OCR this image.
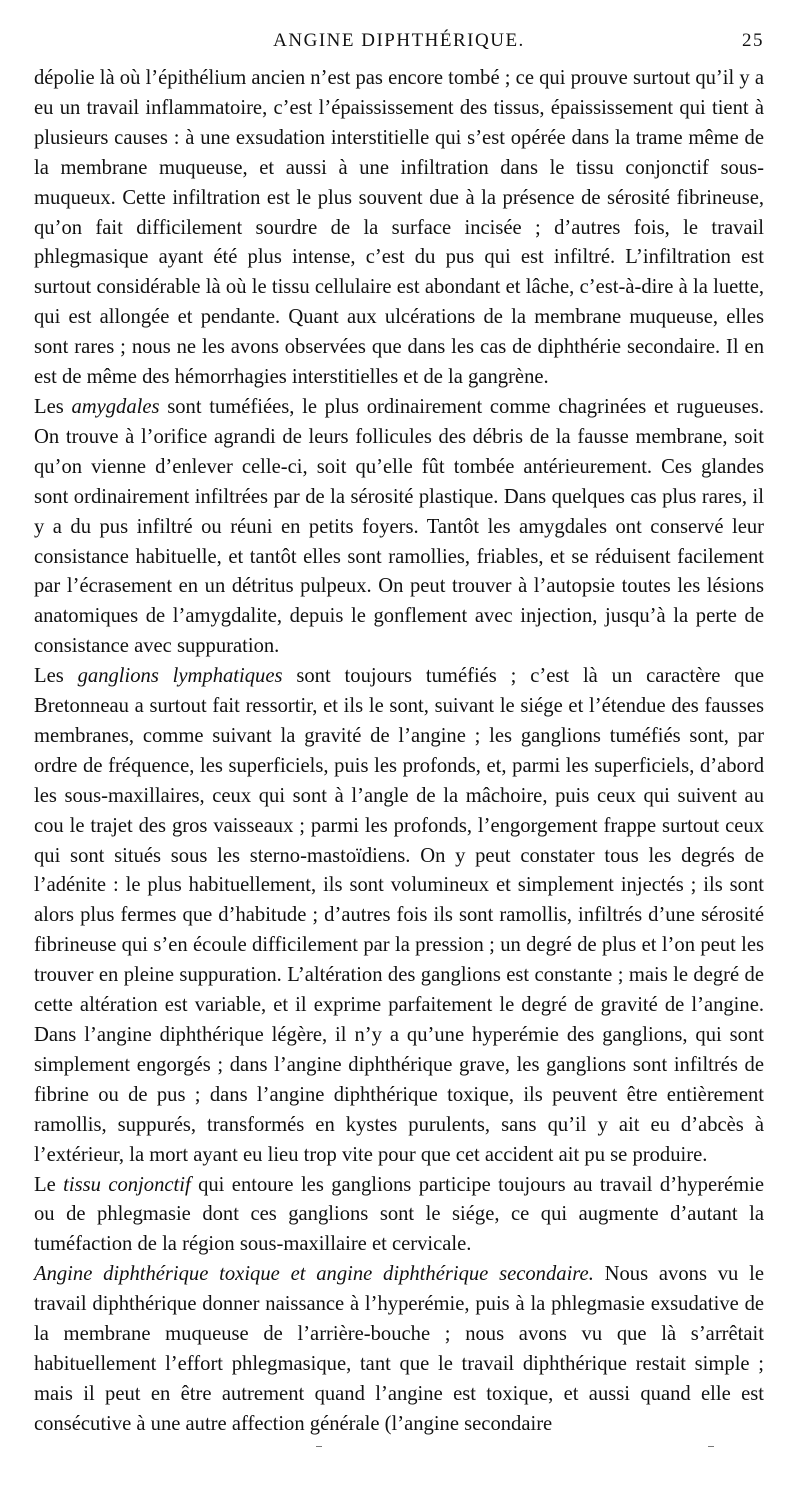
ANGINE DIPHTHÉRIQUE.	25

dépolie là où l’épithélium ancien n’est pas encore tombé ; ce qui prouve surtout qu’il y a eu un travail inflammatoire, c’est l’épaississement des tissus, épaississement qui tient à plusieurs causes : à une exsudation interstitielle qui s’est opérée dans la trame même de la membrane muqueuse, et aussi à une infiltration dans le tissu conjonctif sous-muqueux. Cette infiltration est le plus souvent due à la présence de sérosité fibrineuse, qu’on fait difficilement sourdre de la surface incisée ; d’autres fois, le travail phlegmasique ayant été plus intense, c’est du pus qui est infiltré. L’infiltration est surtout considérable là où le tissu cellulaire est abondant et lâche, c’est-à-dire à la luette, qui est allongée et pendante. Quant aux ulcérations de la membrane muqueuse, elles sont rares ; nous ne les avons observées que dans les cas de diphthérie secondaire. Il en est de même des hémorrhagies interstitielles et de la gangrène.

Les amygdales sont tuméfiées, le plus ordinairement comme chagrinées et rugueuses. On trouve à l’orifice agrandi de leurs follicules des débris de la fausse membrane, soit qu’on vienne d’enlever celle-ci, soit qu’elle fût tombée antérieurement. Ces glandes sont ordinairement infiltrées par de la sérosité plastique. Dans quelques cas plus rares, il y a du pus infiltré ou réuni en petits foyers. Tantôt les amygdales ont conservé leur consistance habituelle, et tantôt elles sont ramollies, friables, et se réduisent facilement par l’écrasement en un détritus pulpeux. On peut trouver à l’autopsie toutes les lésions anatomiques de l’amygdalite, depuis le gonflement avec injection, jusqu’à la perte de consistance avec suppuration.

Les ganglions lymphatiques sont toujours tuméfiés ; c’est là un caractère que Bretonneau a surtout fait ressortir, et ils le sont, suivant le siége et l’étendue des fausses membranes, comme suivant la gravité de l’angine ; les ganglions tuméfiés sont, par ordre de fréquence, les superficiels, puis les profonds, et, parmi les superficiels, d’abord les sous-maxillaires, ceux qui sont à l’angle de la mâchoire, puis ceux qui suivent au cou le trajet des gros vaisseaux ; parmi les profonds, l’engorgement frappe surtout ceux qui sont situés sous les sterno-mastoïdiens. On y peut constater tous les degrés de l’adénite : le plus habituellement, ils sont volumineux et simplement injectés ; ils sont alors plus fermes que d’habitude ; d’autres fois ils sont ramollis, infiltrés d’une sérosité fibrineuse qui s’en écoule difficilement par la pression ; un degré de plus et l’on peut les trouver en pleine suppuration. L’altération des ganglions est constante ; mais le degré de cette altération est variable, et il exprime parfaitement le degré de gravité de l’angine. Dans l’angine diphthérique légère, il n’y a qu’une hyperémie des ganglions, qui sont simplement engorgés ; dans l’angine diphthérique grave, les ganglions sont infiltrés de fibrine ou de pus ; dans l’angine diphthérique toxique, ils peuvent être entièrement ramollis, suppurés, transformés en kystes purulents, sans qu’il y ait eu d’abcès à l’extérieur, la mort ayant eu lieu trop vite pour que cet accident ait pu se produire.

Le tissu conjonctif qui entoure les ganglions participe toujours au travail d’hyperémie ou de phlegmasie dont ces ganglions sont le siége, ce qui augmente d’autant la tuméfaction de la région sous-maxillaire et cervicale.

Angine diphthérique toxique et angine diphthérique secondaire. Nous avons vu le travail diphthérique donner naissance à l’hyperémie, puis à la phlegmasie exsudative de la membrane muqueuse de l’arrière-bouche ; nous avons vu que là s’arrêtait habituellement l’effort phlegmasique, tant que le travail diphthérique restait simple ; mais il peut en être autrement quand l’angine est toxique, et aussi quand elle est consécutive à une autre affection générale (l’angine secondaire
